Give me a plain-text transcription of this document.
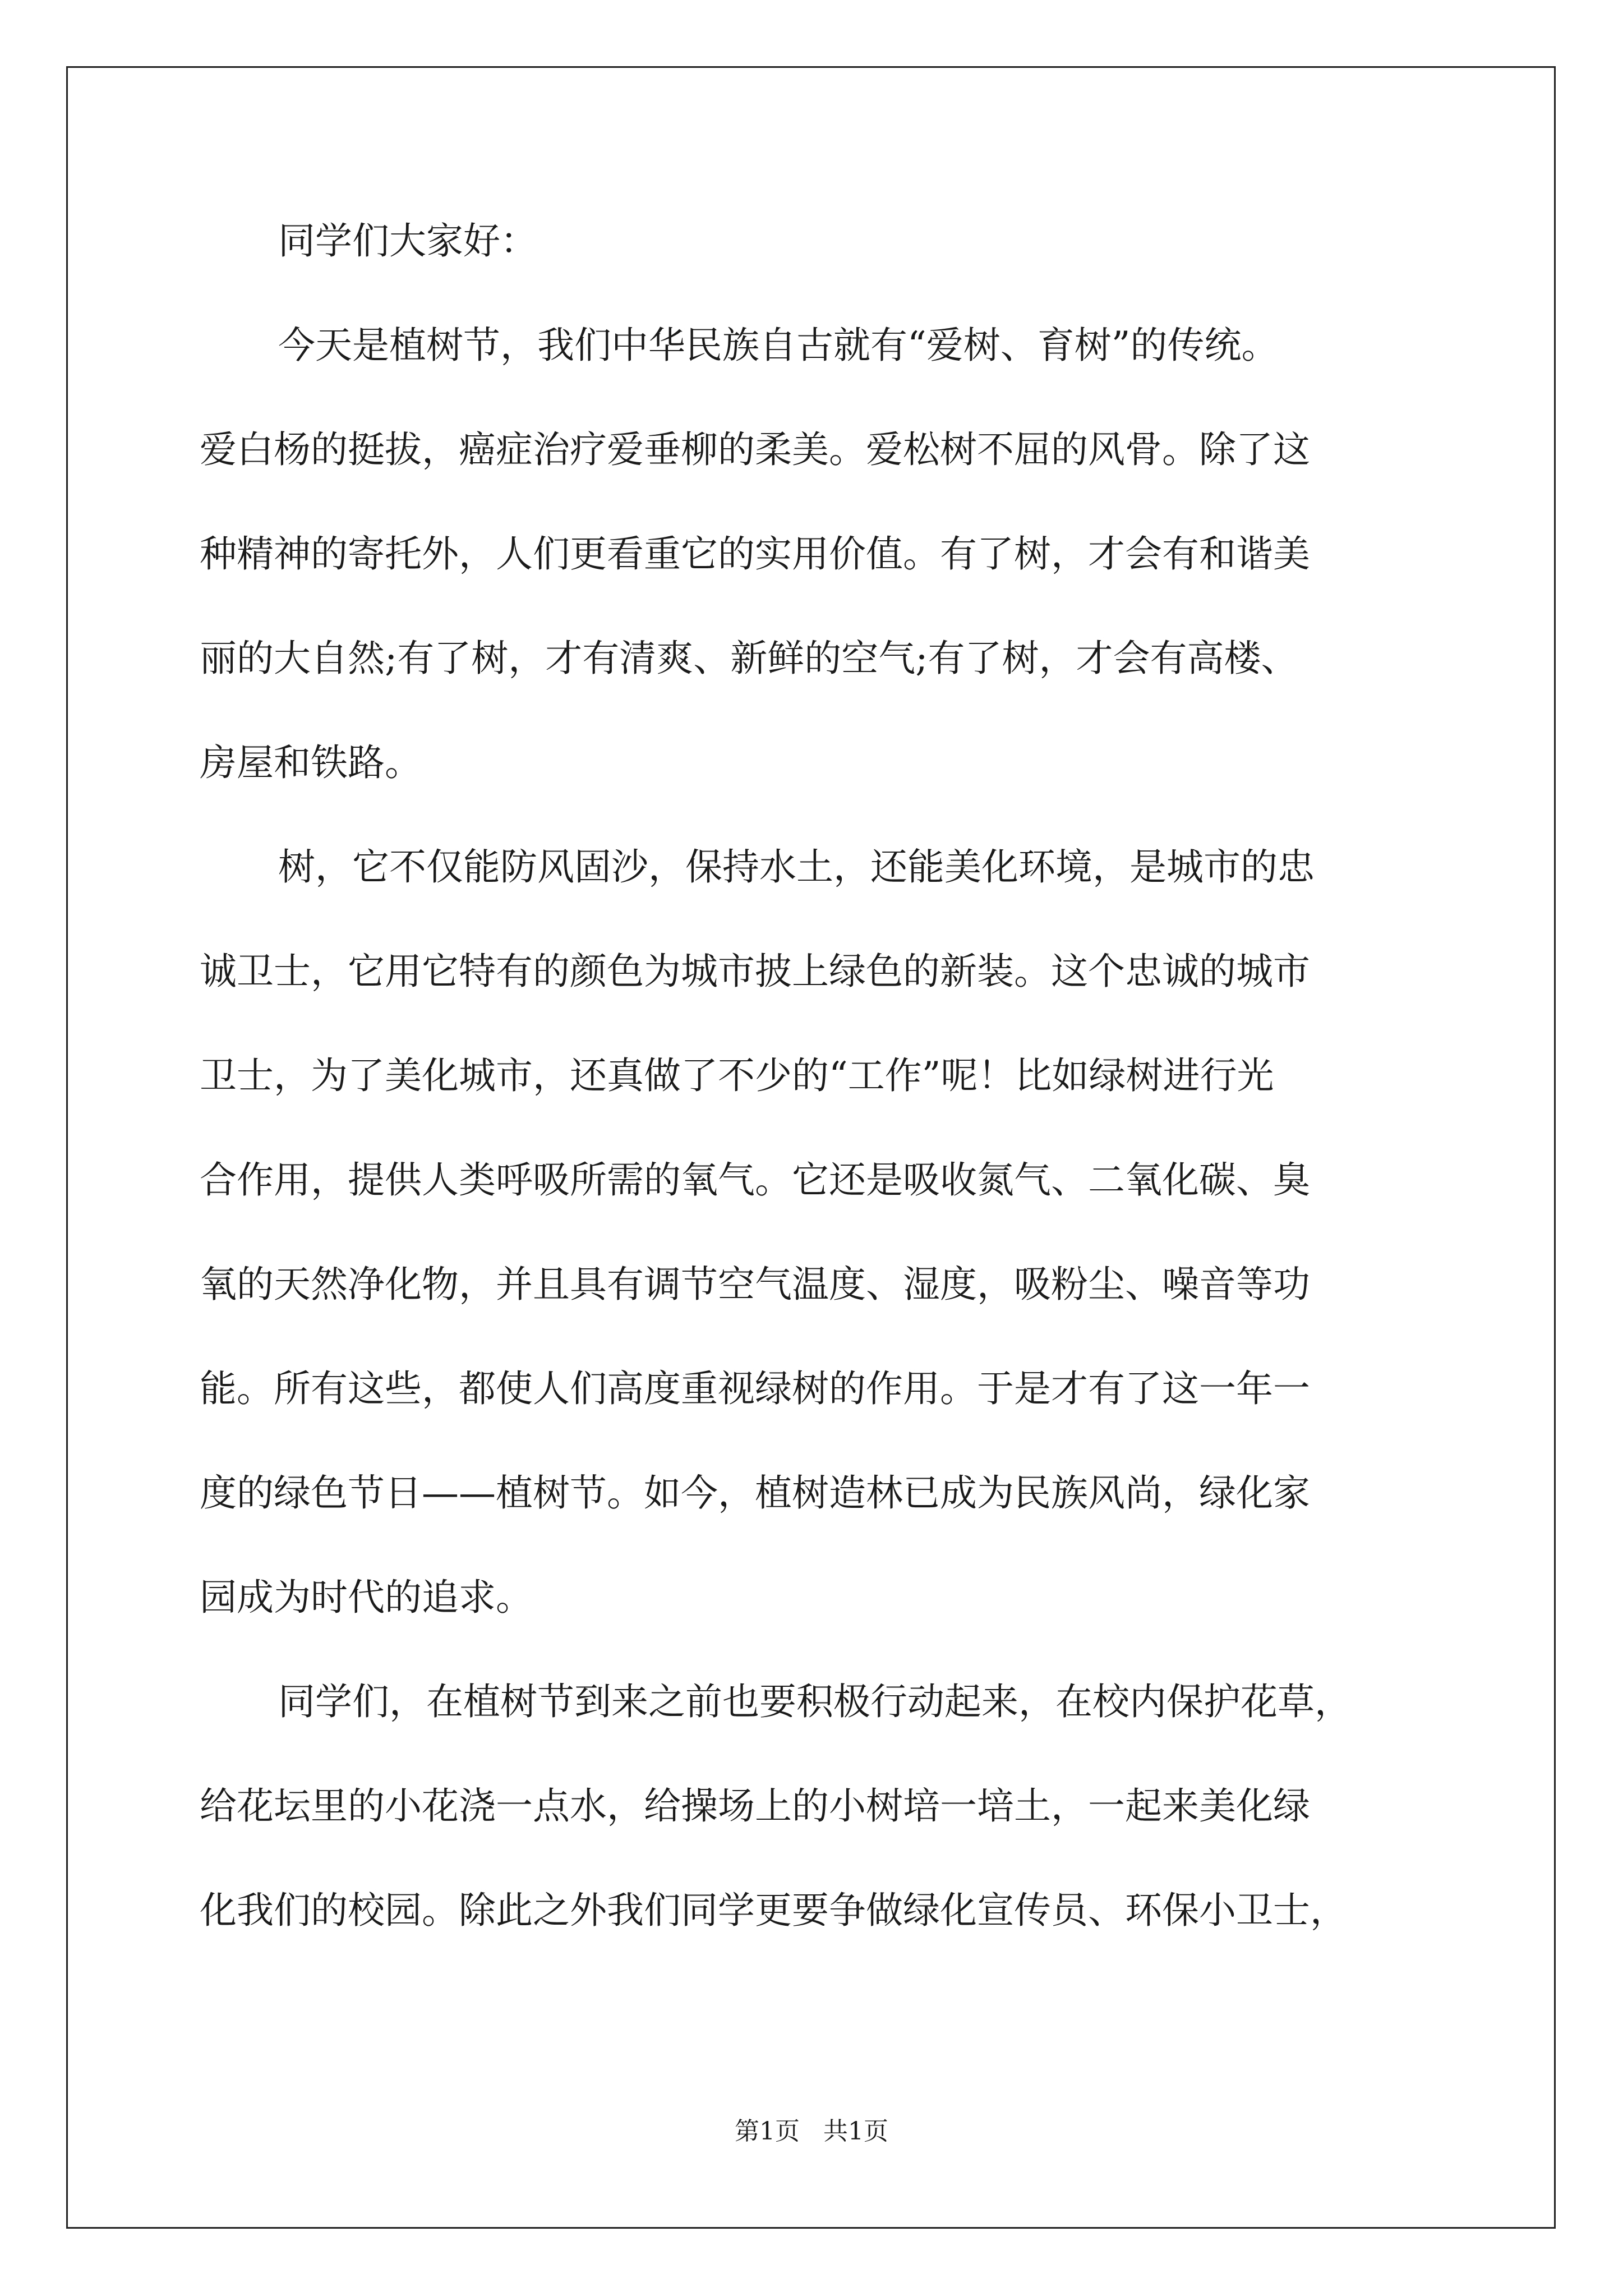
同学们大家好：
今天是植树节，我们中华民族自古就有“爱树、育树”的传统。
爱白杨的挺拔，癌症治疗爱垂柳的柔美。爱松树不屈的风骨。除了这
种精神的寄托外，人们更看重它的实用价值。有了树，才会有和谐美
丽的大自然;有了树，才有清爽、新鲜的空气;有了树，才会有高楼、
房屋和铁路。
树，它不仅能防风固沙，保持水土，还能美化环境，是城市的忠
诚卫士，它用它特有的颜色为城市披上绿色的新装。这个忠诚的城市
卫士，为了美化城市，还真做了不少的“工作”呢！比如绿树进行光
合作用，提供人类呼吸所需的氧气。它还是吸收氮气、二氧化碳、臭
氧的天然净化物，并且具有调节空气温度、湿度，吸粉尘、噪音等功
能。所有这些，都使人们高度重视绿树的作用。于是才有了这一年一
度的绿色节日——植树节。如今，植树造林已成为民族风尚，绿化家
园成为时代的追求。
同学们，在植树节到来之前也要积极行动起来，在校内保护花草，
给花坛里的小花浇一点水，给操场上的小树培一培土，一起来美化绿
化我们的校园。除此之外我们同学更要争做绿化宣传员、环保小卫士，
第1页   共1页
